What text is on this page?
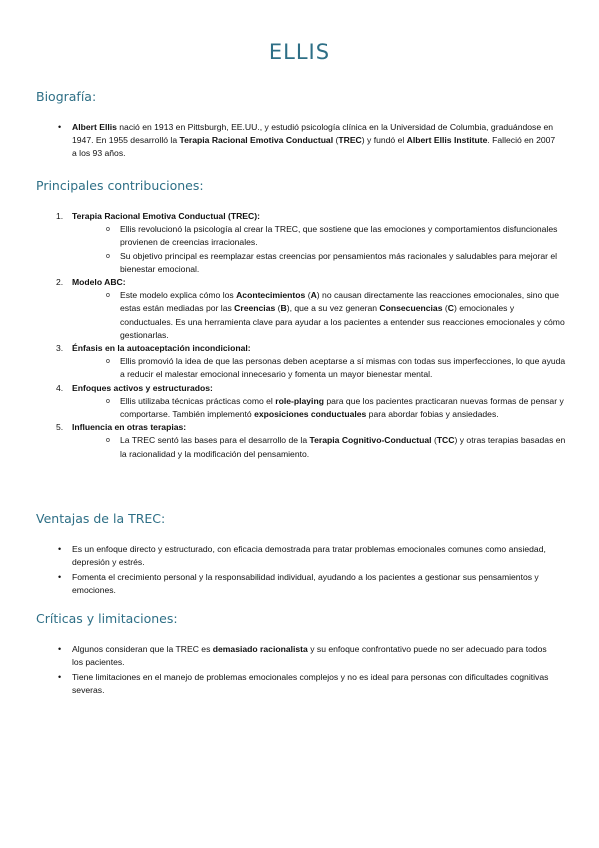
ELLIS
Biografía:
• Albert Ellis nació en 1913 en Pittsburgh, EE.UU., y estudió psicología clínica en la Universidad de Columbia, graduándose en 1947. En 1955 desarrolló la Terapia Racional Emotiva Conductual (TREC) y fundó el Albert Ellis Institute. Falleció en 2007 a los 93 años.
Principales contribuciones:
1. Terapia Racional Emotiva Conductual (TREC):
o Ellis revolucionó la psicología al crear la TREC, que sostiene que las emociones y comportamientos disfuncionales provienen de creencias irracionales.
o Su objetivo principal es reemplazar estas creencias por pensamientos más racionales y saludables para mejorar el bienestar emocional.
2. Modelo ABC:
o Este modelo explica cómo los Acontecimientos (A) no causan directamente las reacciones emocionales, sino que estas están mediadas por las Creencias (B), que a su vez generan Consecuencias (C) emocionales y conductuales. Es una herramienta clave para ayudar a los pacientes a entender sus reacciones emocionales y cómo gestionarlas.
3. Énfasis en la autoaceptación incondicional:
o Ellis promovió la idea de que las personas deben aceptarse a sí mismas con todas sus imperfecciones, lo que ayuda a reducir el malestar emocional innecesario y fomenta un mayor bienestar mental.
4. Enfoques activos y estructurados:
o Ellis utilizaba técnicas prácticas como el role-playing para que los pacientes practicaran nuevas formas de pensar y comportarse. También implementó exposiciones conductuales para abordar fobias y ansiedades.
5. Influencia en otras terapias:
o La TREC sentó las bases para el desarrollo de la Terapia Cognitivo-Conductual (TCC) y otras terapias basadas en la racionalidad y la modificación del pensamiento.
Ventajas de la TREC:
• Es un enfoque directo y estructurado, con eficacia demostrada para tratar problemas emocionales comunes como ansiedad, depresión y estrés.
• Fomenta el crecimiento personal y la responsabilidad individual, ayudando a los pacientes a gestionar sus pensamientos y emociones.
Críticas y limitaciones:
• Algunos consideran que la TREC es demasiado racionalista y su enfoque confrontativo puede no ser adecuado para todos los pacientes.
• Tiene limitaciones en el manejo de problemas emocionales complejos y no es ideal para personas con dificultades cognitivas severas.
